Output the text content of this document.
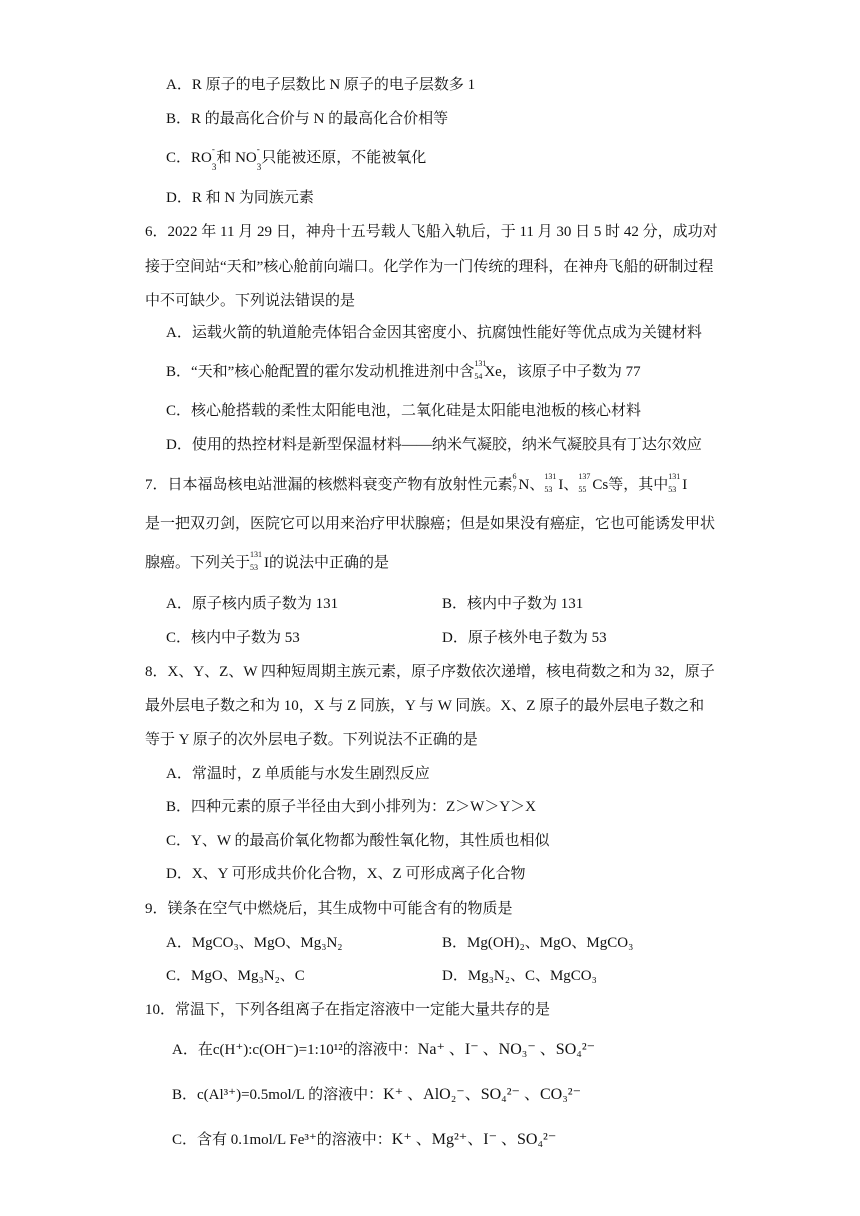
A．R 原子的电子层数比 N 原子的电子层数多 1
B．R 的最高化合价与 N 的最高化合价相等
C．RO
-
$_3$和 NO
-
$_3$只能被还原，不能被氧化
D．R 和 N 为同族元素
6．2022 年 11 月 29 日，神舟十五号载人飞船入轨后，于 11 月 30 日 5 时 42 分，成功对
接于空间站“天和”核心舱前向端口。化学作为一门传统的理科，在神舟飞船的研制过程
中不可缺少。下列说法错误的是
A．运载火箭的轨道舱壳体铝合金因其密度小、抗腐蚀性能好等优点成为关键材料
B．“天和”核心舱配置的霍尔发动机推进剂中含
131
54 Xe，该原子中子数为 77
C．核心舱搭载的柔性太阳能电池，二氧化硅是太阳能电池板的核心材料
D．使用的热控材料是新型保温材料——纳米气凝胶，纳米气凝胶具有丁达尔效应
7．日本福岛核电站泄漏的核燃料衰变产物有放射性元素
6
7 N、
131
53 I、
137
55 Cs等，其中
131
53 I
是一把双刃剑，医院它可以用来治疗甲状腺癌；但是如果没有癌症，它也可能诱发甲状
腺癌。下列关于
131
53 I的说法中正确的是
A．原子核内质子数为 131	B．核内中子数为 131
C．核内中子数为 53	D．原子核外电子数为 53
8．X、Y、Z、W 四种短周期主族元素，原子序数依次递增，核电荷数之和为 32，原子
最外层电子数之和为 10，X 与 Z 同族，Y 与 W 同族。X、Z 原子的最外层电子数之和
等于 Y 原子的次外层电子数。下列说法不正确的是
A．常温时，Z 单质能与水发生剧烈反应
B．四种元素的原子半径由大到小排列为：Z＞W＞Y＞X
C．Y、W 的最高价氧化物都为酸性氧化物，其性质也相似
D．X、Y 可形成共价化合物，X、Z 可形成离子化合物
9．镁条在空气中燃烧后，其生成物中可能含有的物质是
A．MgCO₃、MgO、Mg₃N₂	B．Mg(OH)₂、MgO、MgCO₃
C．MgO、Mg₃N₂、C	D．Mg₃N₂、C、MgCO₃
10．常温下，下列各组离子在指定溶液中一定能大量共存的是
A．在c(H⁺):c(OH⁻)=1:10¹²的溶液中：Na⁺ 、I⁻ 、NO₃⁻ 、SO₄²⁻
B．c(Al³⁺)=0.5mol/L 的溶液中：K⁺ 、AlO₂⁻、SO₄²⁻ 、CO₃²⁻
C．含有 0.1mol/L Fe³⁺的溶液中：K⁺ 、Mg²⁺、I⁻ 、SO₄²⁻
